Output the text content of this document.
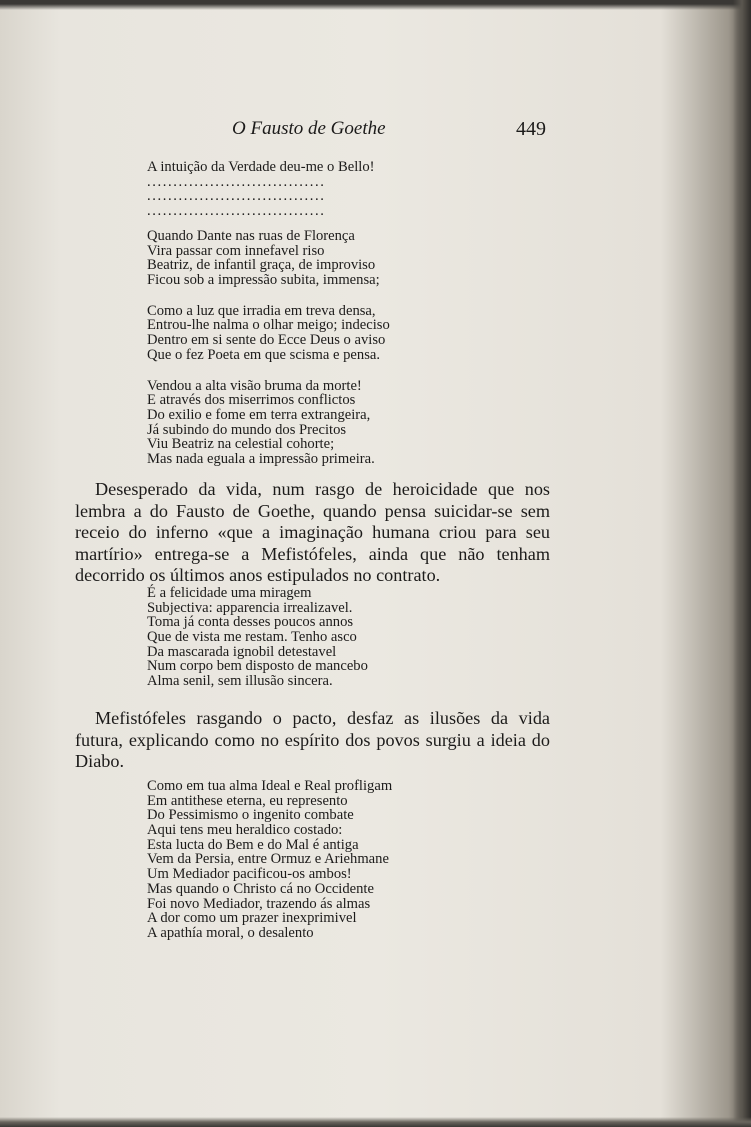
O Fausto de Goethe	449
A intuição da Verdade deu-me o Bello!
..................................
..................................
..................................
Quando Dante nas ruas de Florença
Vira passar com innefavel riso
Beatriz, de infantil graça, de improviso
Ficou sob a impressão subita, immensa;
Como a luz que irradia em treva densa,
Entrou-lhe nalma o olhar meigo; indeciso
Dentro em si sente do Ecce Deus o aviso
Que o fez Poeta em que scisma e pensa.
Vendou a alta visão bruma da morte!
E através dos miserrimos conflictos
Do exilio e fome em terra extrangeira,
Já subindo do mundo dos Precitos
Viu Beatriz na celestial cohorte;
Mas nada eguala a impressão primeira.

Desesperado da vida, num rasgo de heroicidade que nos lembra a do Fausto de Goethe, quando pensa suicidar-se sem receio do inferno «que a imaginação humana criou para seu martírio» entrega-se a Mefistófeles, ainda que não tenham decorrido os últimos anos estipulados no contrato.

É a felicidade uma miragem
Subjectiva: apparencia irrealizavel.
Toma já conta desses poucos annos
Que de vista me restam. Tenho asco
Da mascarada ignobil detestavel
Num corpo bem disposto de mancebo
Alma senil, sem illusão sincera.

Mefistófeles rasgando o pacto, desfaz as ilusões da vida futura, explicando como no espírito dos povos surgiu a ideia do Diabo.

Como em tua alma Ideal e Real profligam
Em antithese eterna, eu represento
Do Pessimismo o ingenito combate
Aqui tens meu heraldico costado:
Esta lucta do Bem e do Mal é antiga
Vem da Persia, entre Ormuz e Ariehmane
Um Mediador pacificou-os ambos!
Mas quando o Christo cá no Occidente
Foi novo Mediador, trazendo ás almas
A dor como um prazer inexprimivel
A apathía moral, o desalento
